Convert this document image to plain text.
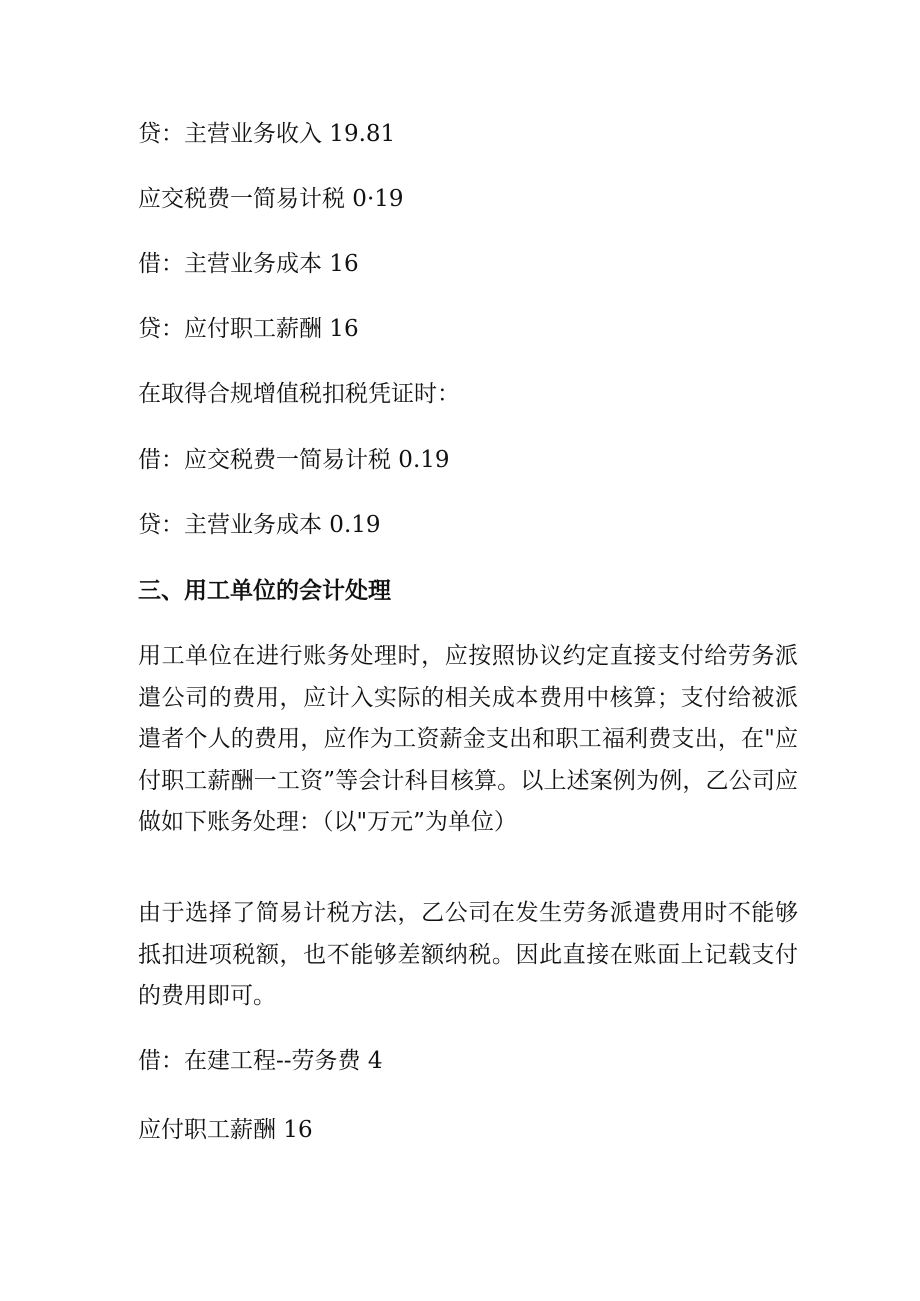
贷：主营业务收入 19.81

应交税费一简易计税 0·19

借：主营业务成本 16

贷：应付职工薪酬 16

在取得合规增值税扣税凭证时：

借：应交税费一简易计税 0.19

贷：主营业务成本 0.19

三、用工单位的会计处理

用工单位在进行账务处理时，应按照协议约定直接支付给劳务派遣公司的费用，应计入实际的相关成本费用中核算；支付给被派遣者个人的费用，应作为工资薪金支出和职工福利费支出，在"应付职工薪酬一工资”等会计科目核算。以上述案例为例，乙公司应做如下账务处理：（以"万元”为单位）

由于选择了简易计税方法，乙公司在发生劳务派遣费用时不能够抵扣进项税额，也不能够差额纳税。因此直接在账面上记载支付的费用即可。

借：在建工程--劳务费 4

应付职工薪酬 16
